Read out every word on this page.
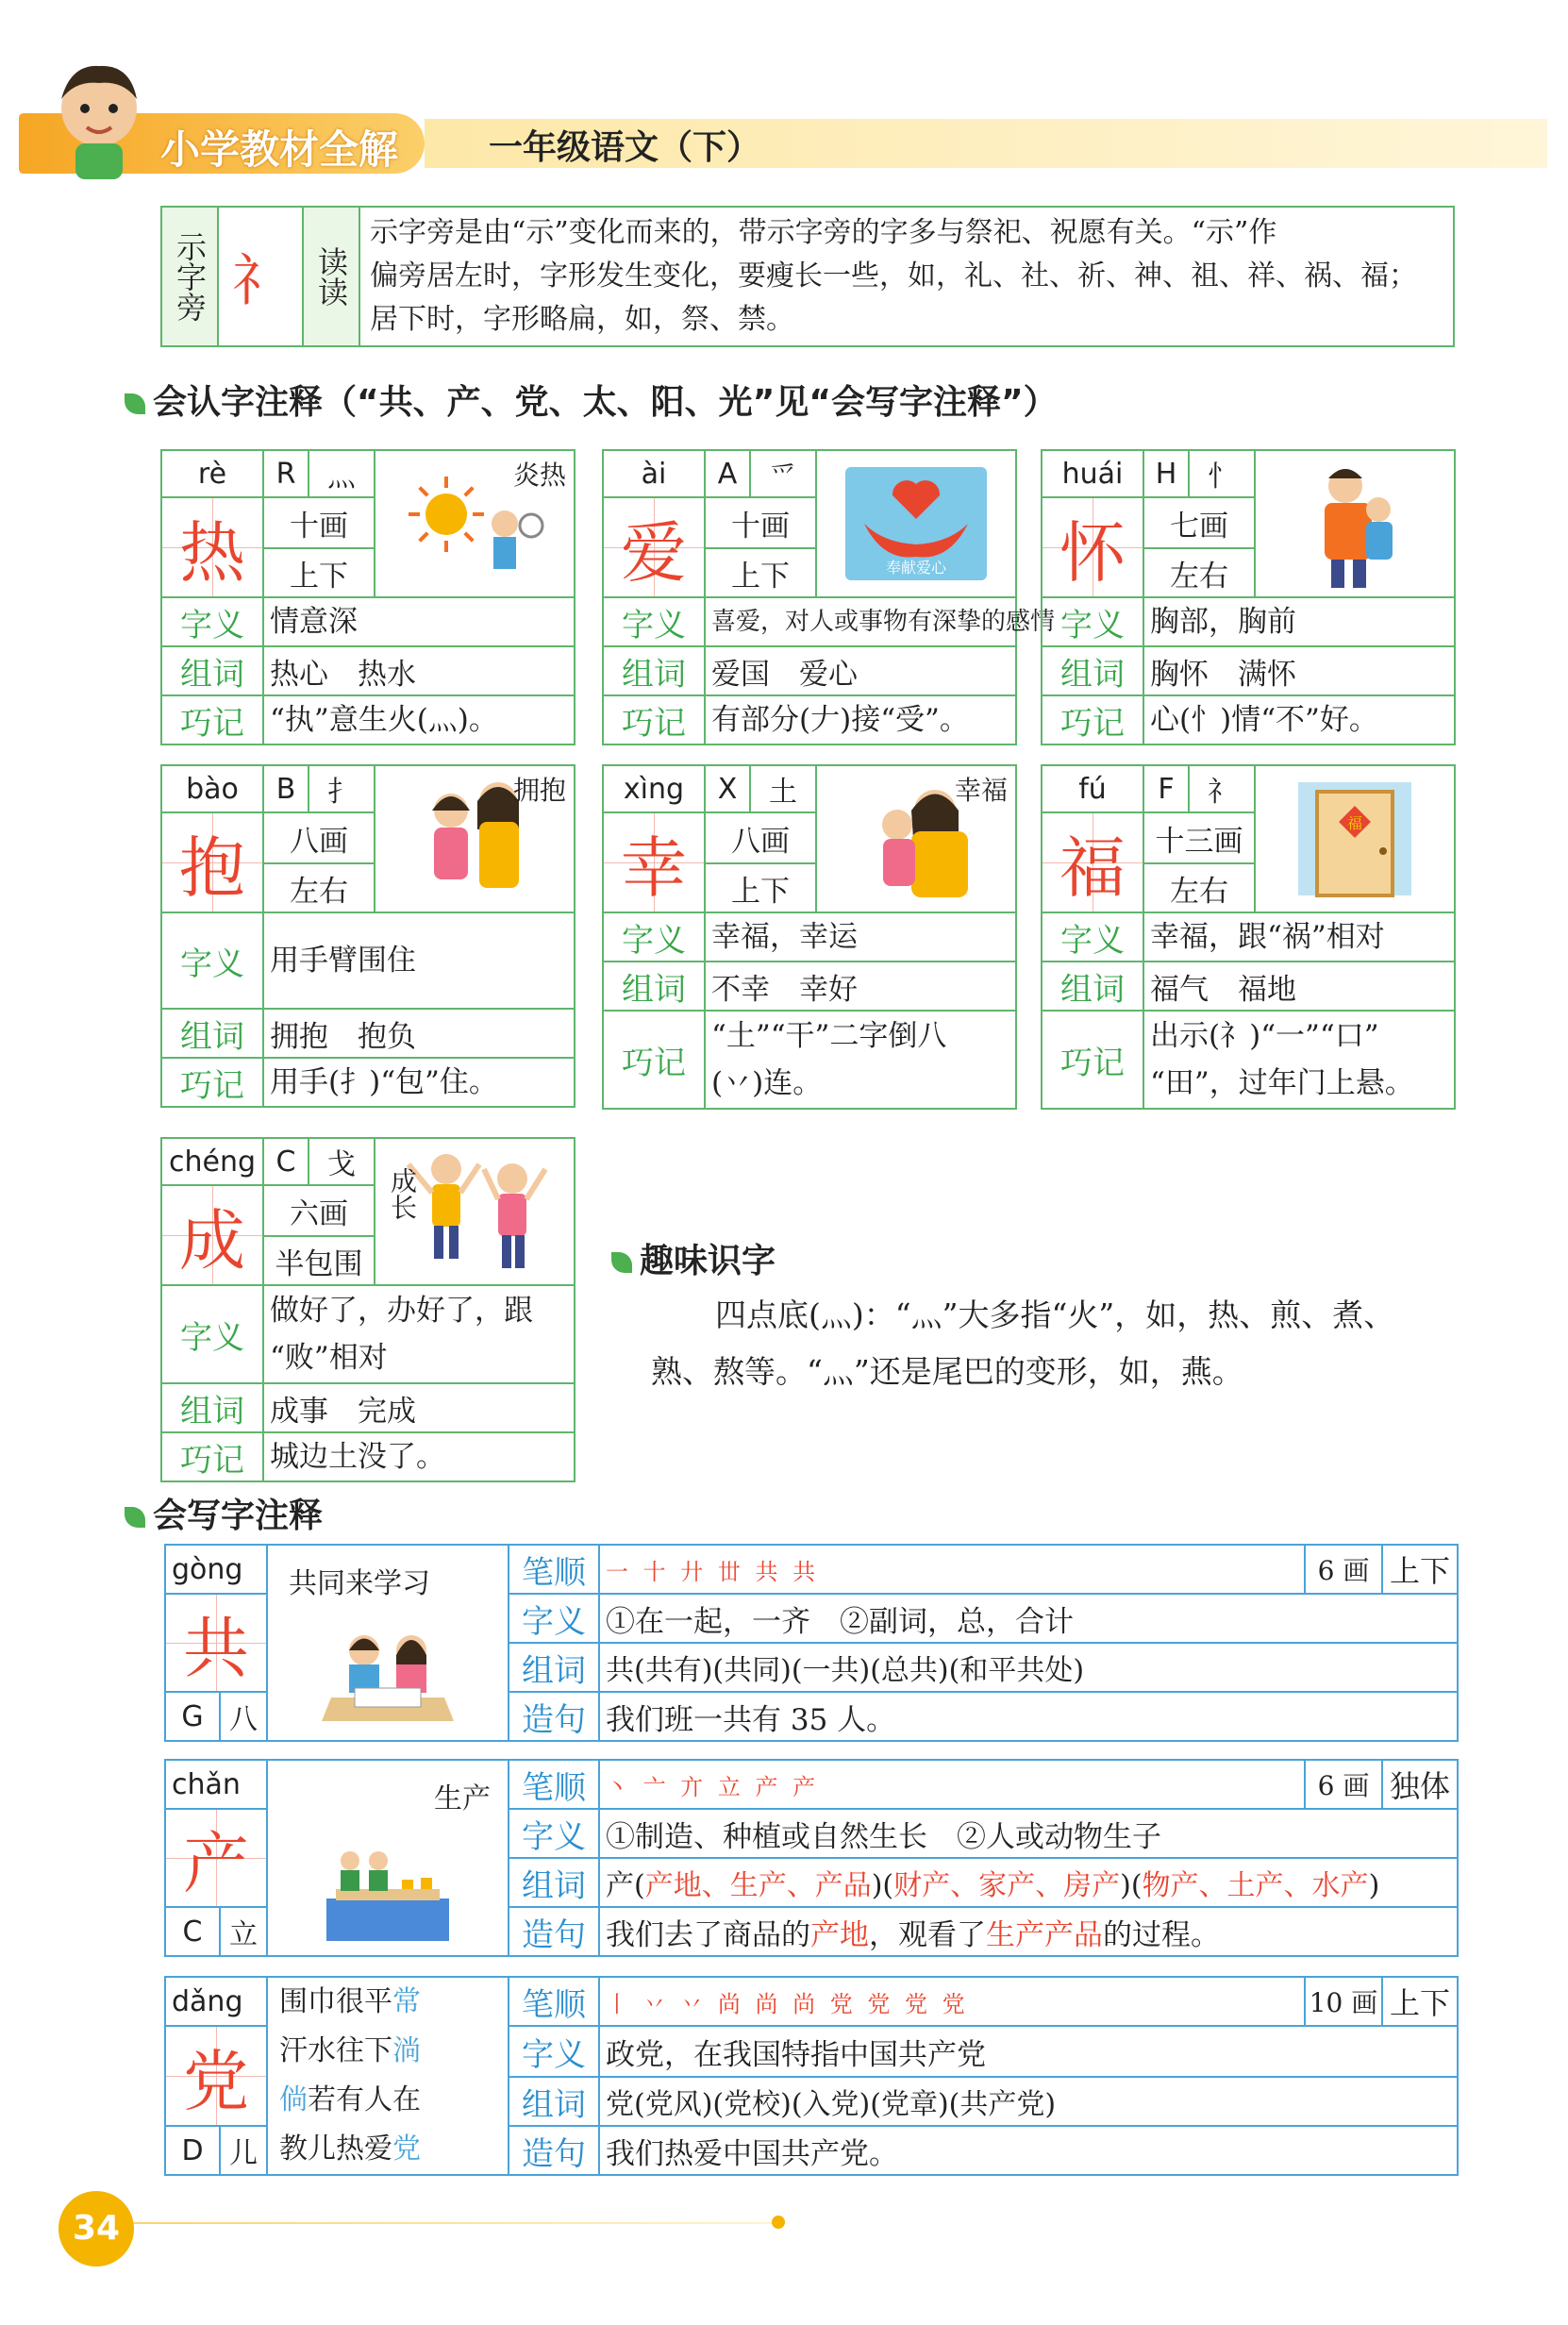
小学教材全解	一年级语文（下）
示字旁	礻	读读

示字旁是由“示”变化而来的，带示字旁的字多与祭祀、祝愿有关。“示”作
偏旁居左时，字形发生变化，要瘦长一些，如，礼、社、祈、神、祖、祥、祸、福；
居下时，字形略扁，如，祭、禁。
会认字注释（“共、产、党、太、阳、光”见“会写字注释”）
rè	R	灬	炎热

热	十画		
	上下		
字义	情意深		
组词	热心　热水		
巧记	“执”意生火(灬)。		
ài	A	爫	奉献爱心

爱	十画		
	上下		
字义	喜爱，对人或事物有深挚的感情		
组词	爱国　爱心		
巧记	有部分(𠂇)接“受”。		
huái	H	忄	

怀	七画		
	左右		
字义	胸部，胸前		
组词	胸怀　满怀		
巧记	心(忄)情“不”好。		
bào	B	扌	拥抱

抱	八画		
	左右		
字义	用手臂围住		
组词	拥抱　抱负		
巧记	用手(扌)“包”住。		
xìng	X	土	幸福

幸	八画		
	上下		
字义	幸福，幸运		
组词	不幸　幸好		
巧记	“土”“干”二字倒八
(丷)连。		
fú	F	礻	福

福	十三画		
	左右		
字义	幸福，跟“祸”相对		
组词	福气　福地		
巧记	出示(礻)“一”“口”
“田”，过年门上悬。		
chéng	C	戈	成长

成	六画		
	半包围		
字义	做好了，办好了，跟
“败”相对		

组词	成事　完成		
巧记	城边土没了。		
趣味识字
四点底(灬)：“灬”大多指“火”，如，热、煎、煮、
熟、熬等。“灬”还是尾巴的变形，如，燕。
会写字注释
gòng		共同来学习	笔顺	一 十 廾 丗 共 共	6 画	上下
共			字义	①在一起，一齐　②副词，总，合计		
			组词	共(共有)(共同)(一共)(总共)(和平共处)		
G	八		造句	我们班一共有 35 人。		
chǎn		生产	笔顺	丶 亠 亣 立 产 产	6 画	独体
产			字义	①制造、种植或自然生长　②人或动物生子		
			组词	产(产地、生产、产品)(财产、家产、房产)(物产、土产、水产)		
C	立		造句	我们去了商品的产地，观看了生产产品的过程。		
dǎng		围巾很平常
汗水往下淌
倘若有人在
教儿热爱党	笔顺	丨 丷 丷 尚 尚 尚 党 党 党 党	10 画	上下
党			字义	政党，在我国特指中国共产党		
			组词	党(党风)(党校)(入党)(党章)(共产党)		
D	儿		造句	我们热爱中国共产党。		
34
